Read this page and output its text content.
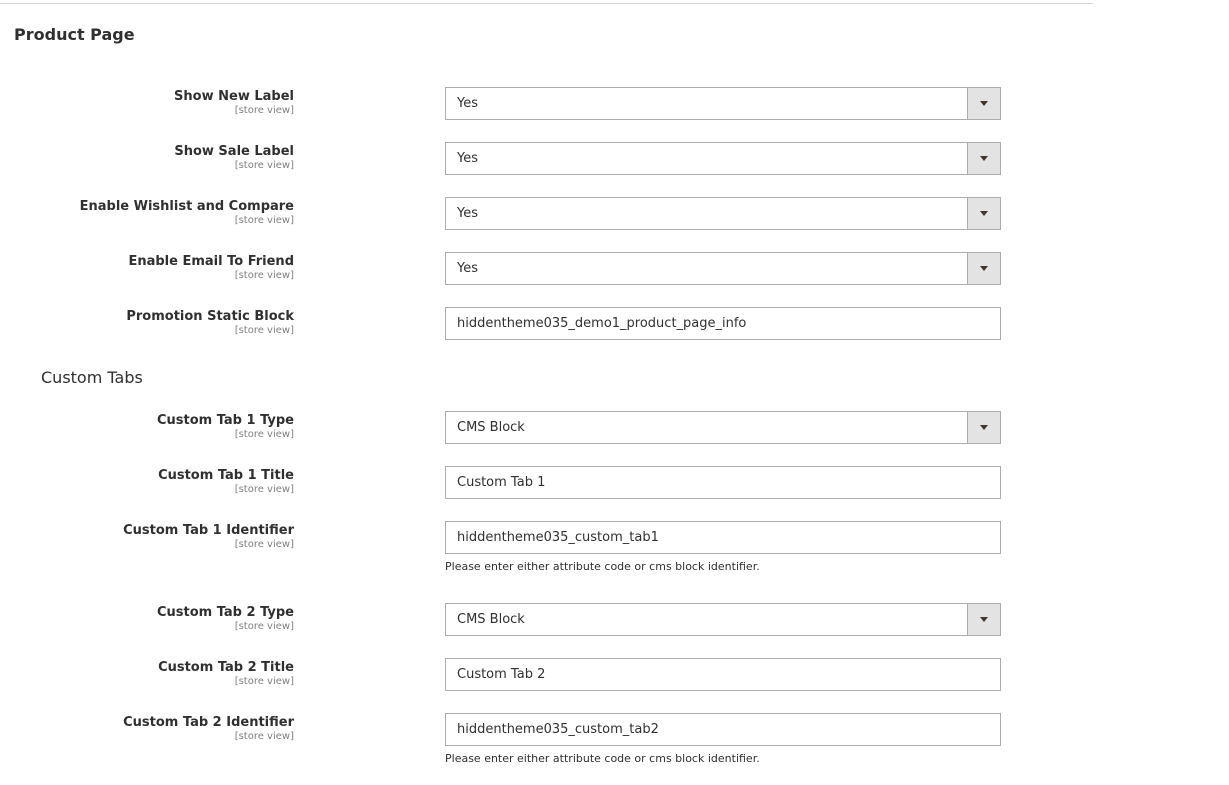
Product Page
Show New Label
[store view]	Yes
Show Sale Label
[store view]	Yes
Enable Wishlist and Compare
[store view]	Yes
Enable Email To Friend
[store view]	Yes
Promotion Static Block
[store view]	hiddentheme035_demo1_product_page_info
Custom Tabs
Custom Tab 1 Type
[store view]	CMS Block
Custom Tab 1 Title
[store view]	Custom Tab 1
Custom Tab 1 Identifier
[store view]	hiddentheme035_custom_tab1
Please enter either attribute code or cms block identifier.
Custom Tab 2 Type
[store view]	CMS Block
Custom Tab 2 Title
[store view]	Custom Tab 2
Custom Tab 2 Identifier
[store view]	hiddentheme035_custom_tab2
Please enter either attribute code or cms block identifier.
